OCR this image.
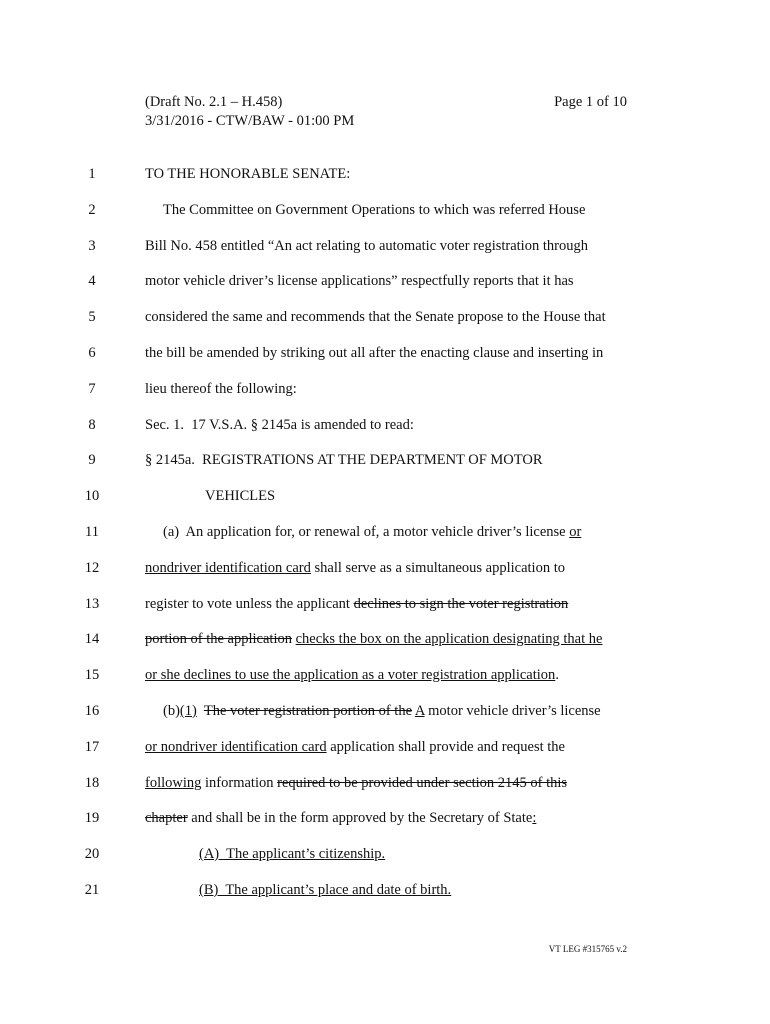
(Draft No. 2.1 – H.458)
3/31/2016 - CTW/BAW - 01:00 PM
Page 1 of 10
1	TO THE HONORABLE SENATE:
2	The Committee on Government Operations to which was referred House
3	Bill No. 458 entitled “An act relating to automatic voter registration through
4	motor vehicle driver’s license applications” respectfully reports that it has
5	considered the same and recommends that the Senate propose to the House that
6	the bill be amended by striking out all after the enacting clause and inserting in
7	lieu thereof the following:
8	Sec. 1.  17 V.S.A. § 2145a is amended to read:
9	§ 2145a.  REGISTRATIONS AT THE DEPARTMENT OF MOTOR
10	VEHICLES
11	(a)  An application for, or renewal of, a motor vehicle driver’s license or
12	nondriver identification card shall serve as a simultaneous application to
13	register to vote unless the applicant declines to sign the voter registration
14	portion of the application checks the box on the application designating that he
15	or she declines to use the application as a voter registration application.
16	(b)(1) The voter registration portion of the A motor vehicle driver’s license
17	or nondriver identification card application shall provide and request the
18	following information required to be provided under section 2145 of this
19	chapter and shall be in the form approved by the Secretary of State:
20	(A)  The applicant’s citizenship.
21	(B)  The applicant’s place and date of birth.
VT LEG #315765 v.2
